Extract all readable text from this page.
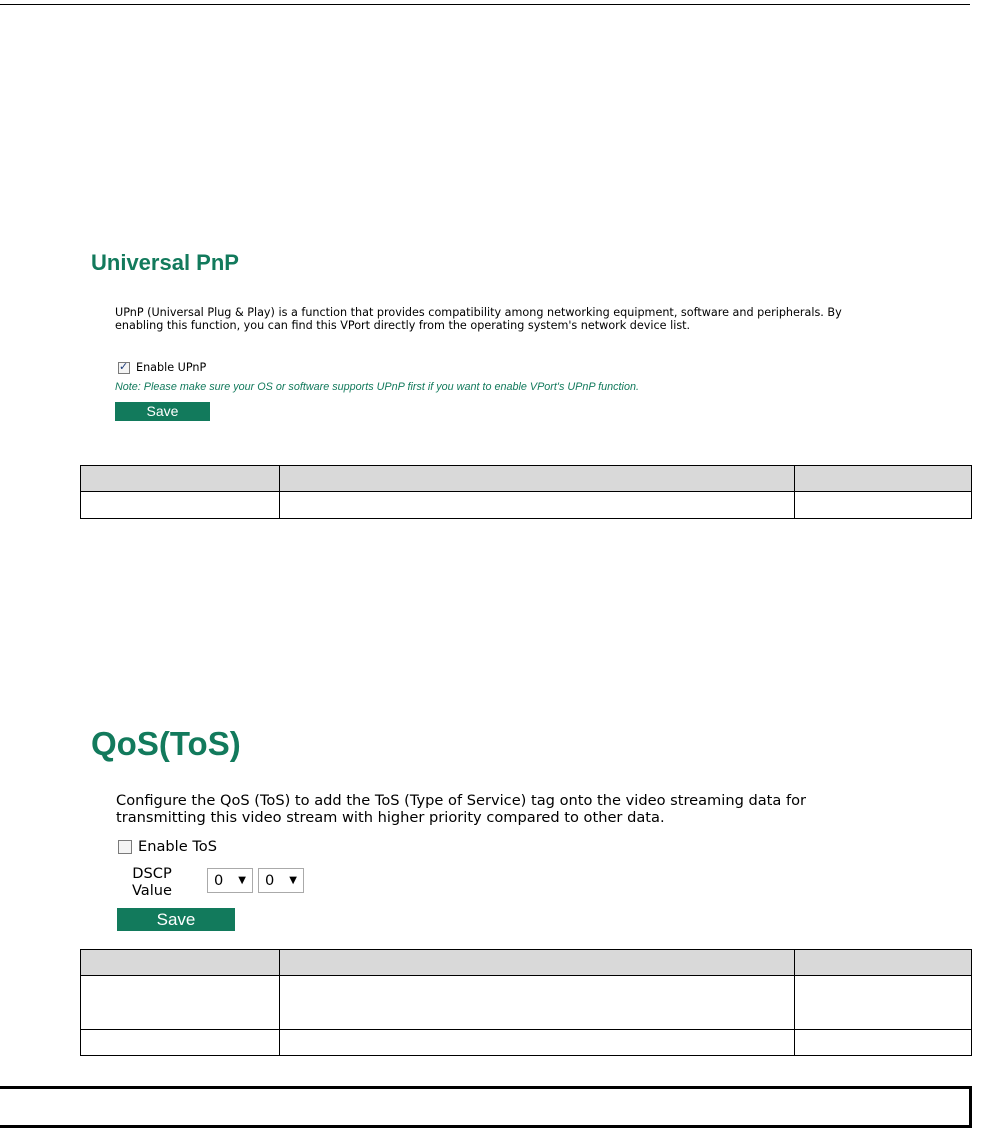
Universal PnP

UPnP (Universal Plug & Play) is a function that provides compatibility among networking equipment, software and peripherals. By enabling this function, you can find this VPort directly from the operating system's network device list.

✓ Enable UPnP
Note: Please make sure your OS or software supports UPnP first if you want to enable VPort's UPnP function.
Save

QoS(ToS)

Configure the QoS (ToS) to add the ToS (Type of Service) tag onto the video streaming data for transmitting this video stream with higher priority compared to other data.

Enable ToS
DSCP
Value
0 ▼	0 ▼
Save
